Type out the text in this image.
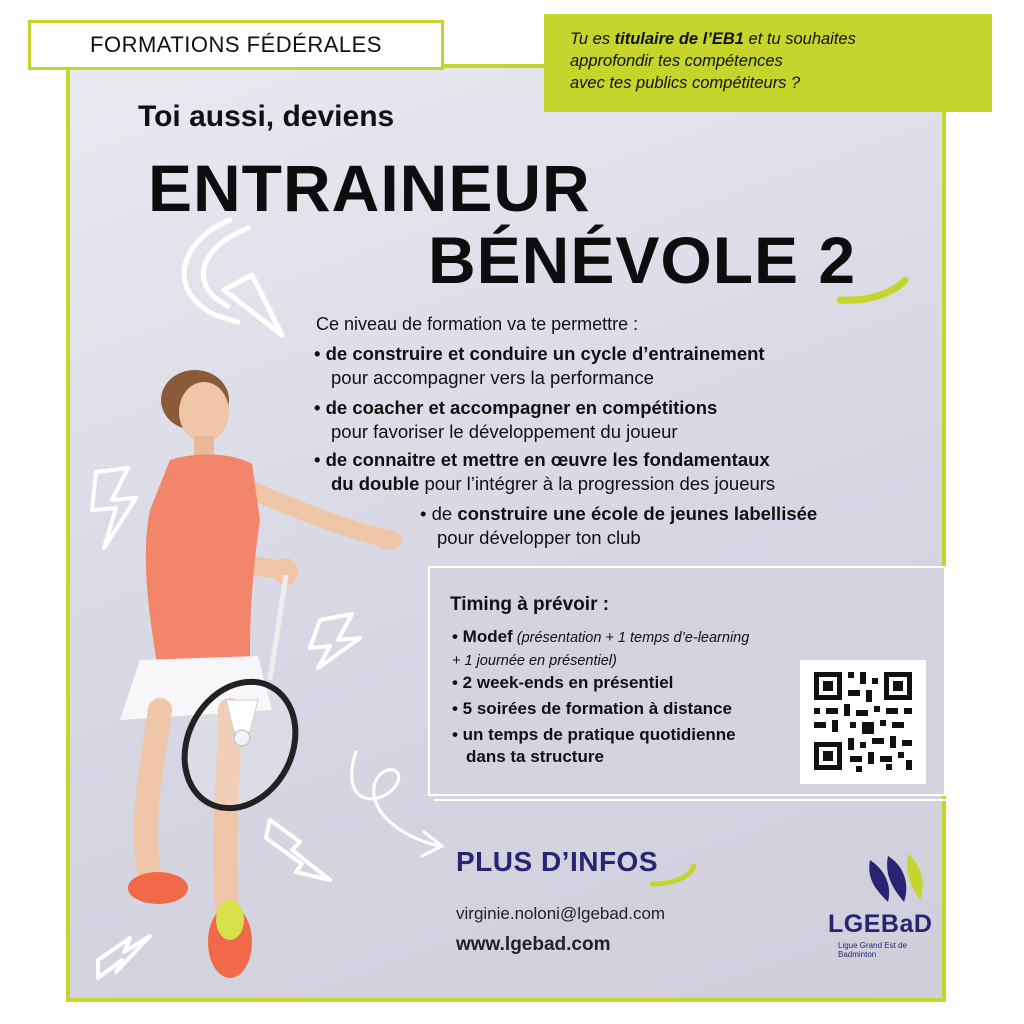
FORMATIONS FÉDÉRALES	Tu es titulaire de l’EB1 et tu souhaites
approfondir tes compétences
avec tes publics compétiteurs ?
Toi aussi, deviens
ENTRAINEUR
BÉNÉVOLE 2
Ce niveau de formation va te permettre :
• de construire et conduire un cycle d’entrainement
pour accompagner vers la performance
• de coacher et accompagner en compétitions
pour favoriser le développement du joueur
• de connaitre et mettre en œuvre les fondamentaux
du double pour l’intégrer à la progression des joueurs
• de construire une école de jeunes labellisée
pour développer ton club
Timing à prévoir :
• Modef (présentation + 1 temps d’e-learning
+ 1 journée en présentiel)
• 2 week-ends en présentiel
• 5 soirées de formation à distance
• un temps de pratique quotidienne
dans ta structure
PLUS D’INFOS
virginie.noloni@lgebad.com
www.lgebad.com
LGEBaD
Ligue Grand Est de Badminton
